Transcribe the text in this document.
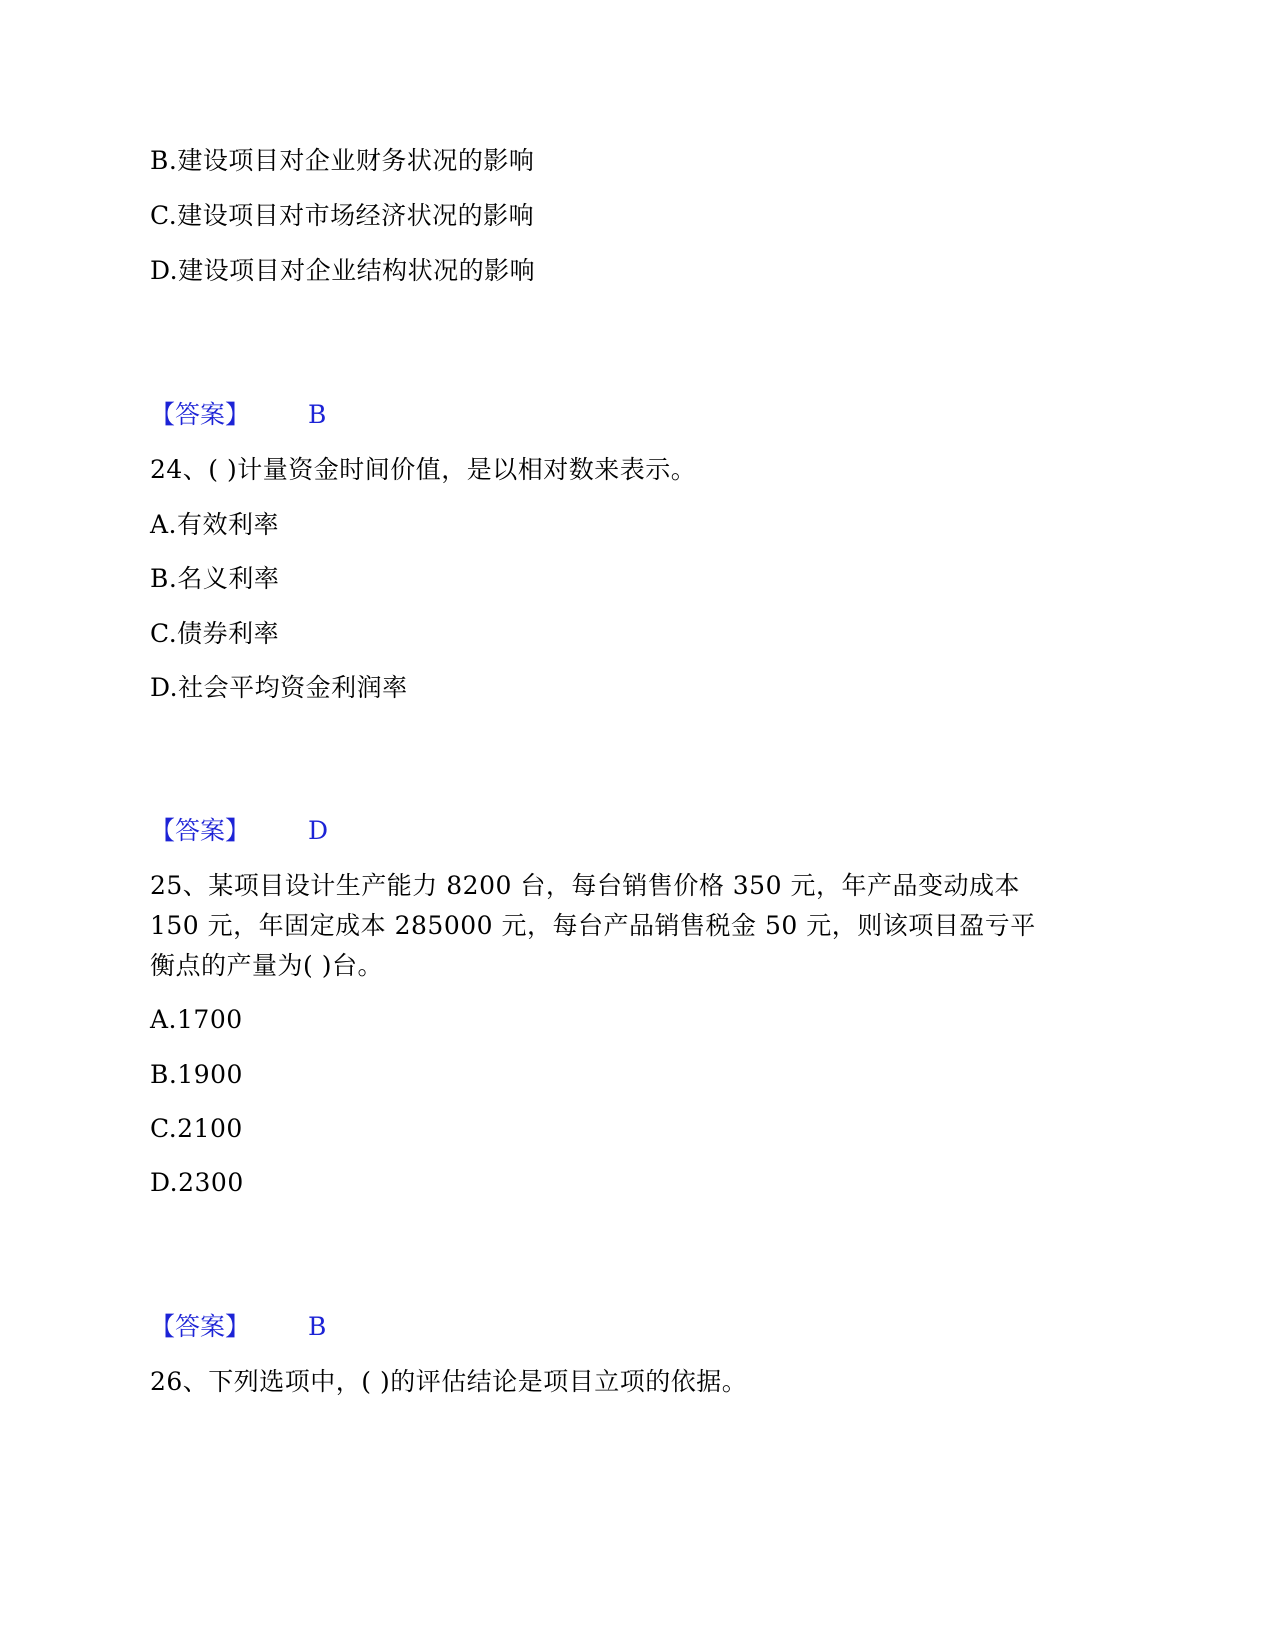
B.建设项目对企业财务状况的影响
C.建设项目对市场经济状况的影响
D.建设项目对企业结构状况的影响
【答案】 B
24、( )计量资金时间价值，是以相对数来表示。
A.有效利率
B.名义利率
C.债券利率
D.社会平均资金利润率
【答案】 D
25、某项目设计生产能力 8200 台，每台销售价格 350 元，年产品变动成本
150 元，年固定成本 285000 元，每台产品销售税金 50 元，则该项目盈亏平
衡点的产量为( )台。
A.1700
B.1900
C.2100
D.2300
【答案】 B
26、下列选项中，( )的评估结论是项目立项的依据。
